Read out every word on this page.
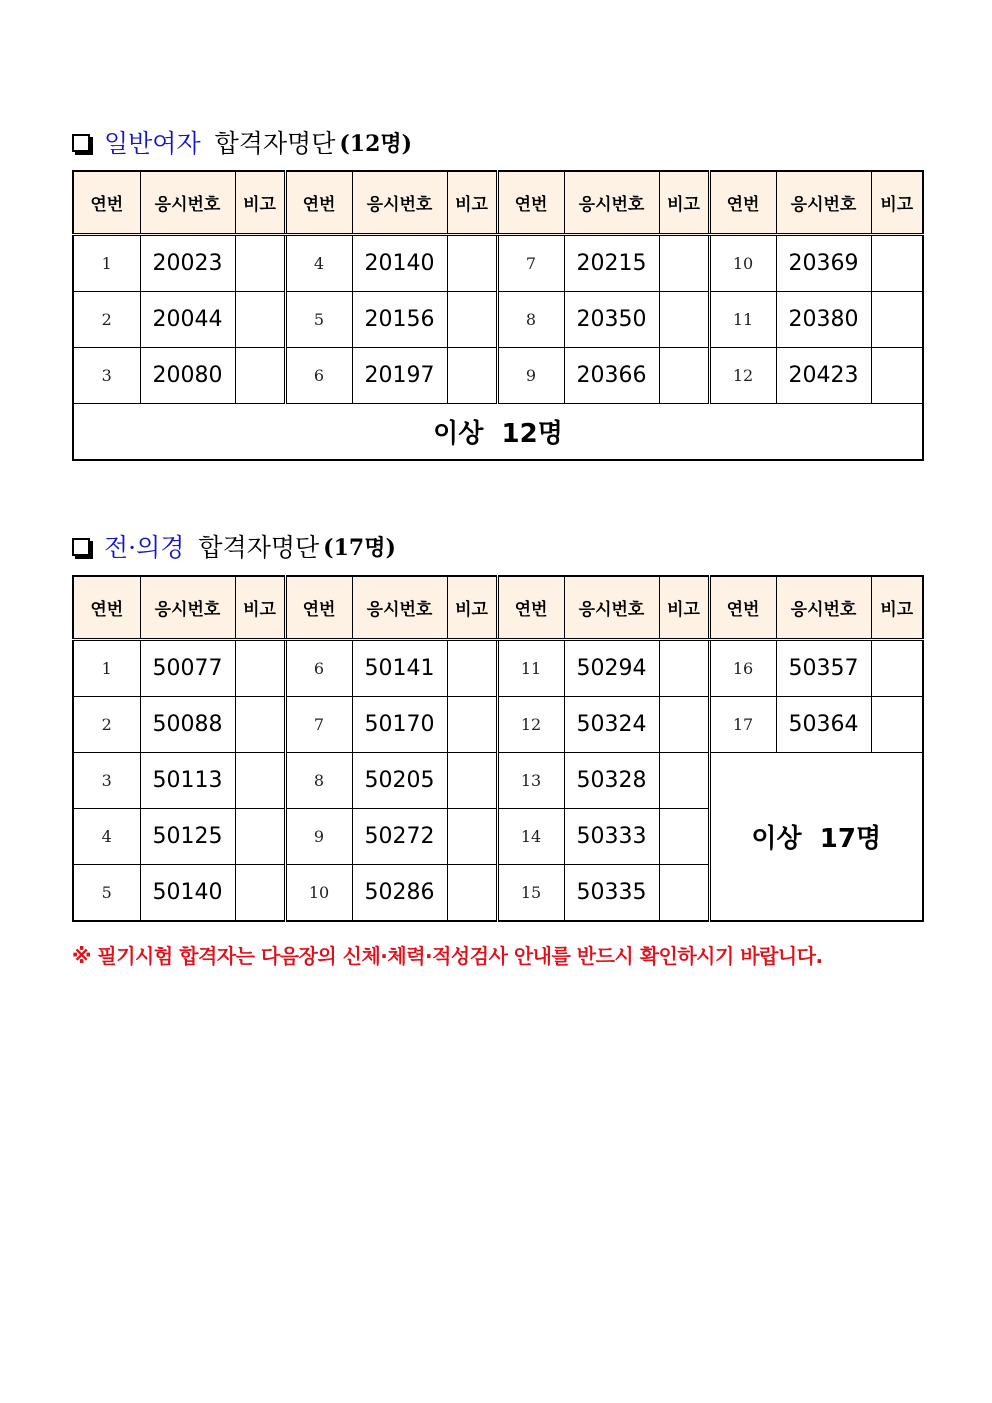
일반여자 합격자명단 (12명)
연번	응시번호	비고	연번	응시번호	비고	연번	응시번호	비고	연번	응시번호	비고
1	20023		4	20140		7	20215		10	20369	
2	20044		5	20156		8	20350		11	20380	
3	20080		6	20197		9	20366		12	20423	
이상  12명											
전·의경 합격자명단 (17명)
연번	응시번호	비고	연번	응시번호	비고	연번	응시번호	비고	연번	응시번호	비고
1	50077		6	50141		11	50294		16	50357	
2	50088		7	50170		12	50324		17	50364	
3	50113		8	50205		13	50328		이상  17명		
4	50125		9	50272		14	50333				
5	50140		10	50286		15	50335				
※ 필기시험 합격자는 다음장의 신체·체력·적성검사 안내를 반드시 확인하시기 바랍니다.
